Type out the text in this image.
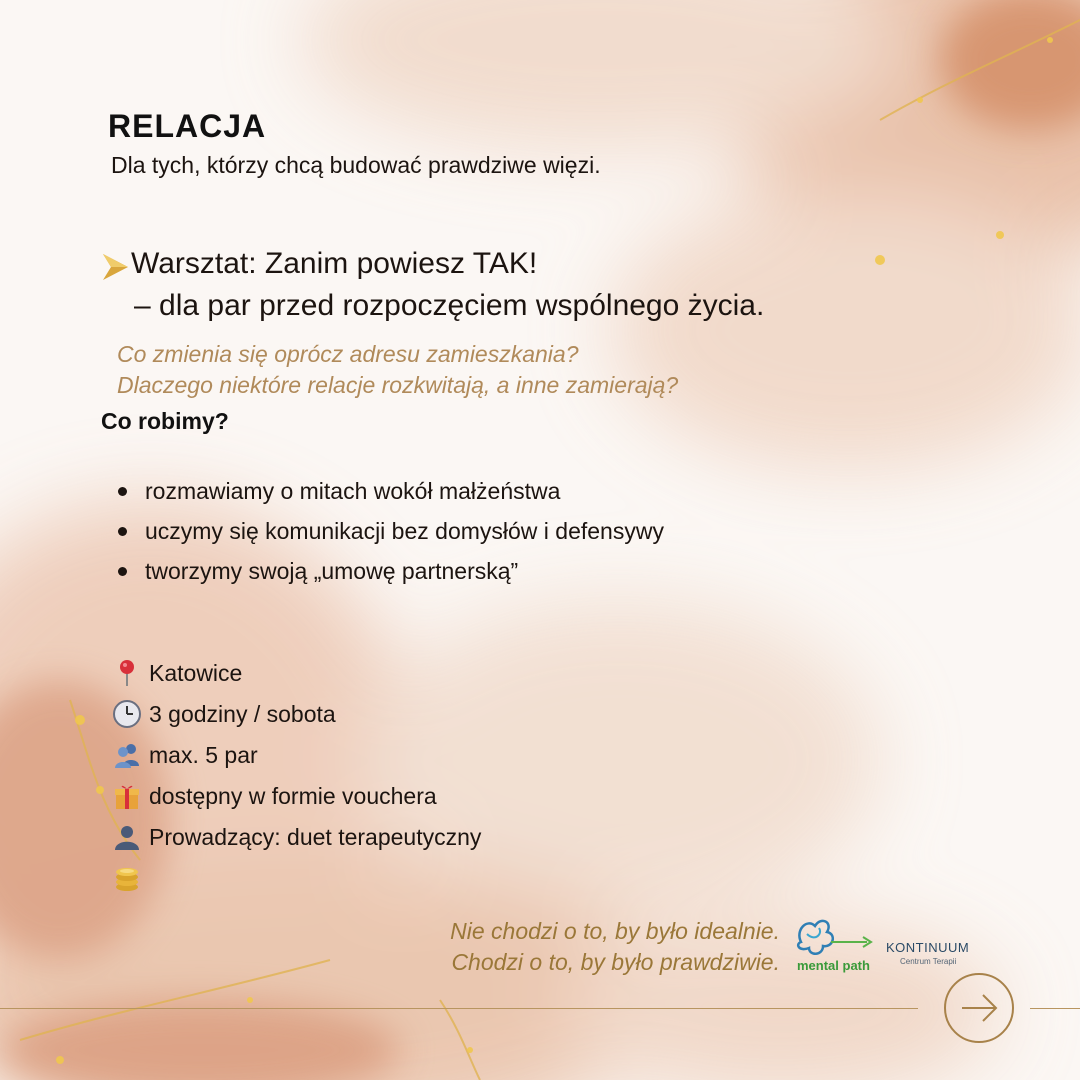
RELACJA

Dla tych, którzy chcą budować prawdziwe więzi.

Warsztat: Zanim powiesz TAK!

– dla par przed rozpoczęciem wspólnego życia.

Co zmienia się oprócz adresu zamieszkania?

Dlaczego niektóre relacje rozkwitają, a inne zamierają?

Co robimy?

rozmawiamy o mitach wokół małżeństwa
uczymy się komunikacji bez domysłów i defensywy
tworzymy swoją „umowę partnerską”
Katowice
3 godziny / sobota
max. 5 par
dostępny w formie vouchera
Prowadzący: duet terapeutyczny

Nie chodzi o to, by było idealnie.

Chodzi o to, by było prawdziwie. mental path
KONTINUUM
Centrum Terapii
